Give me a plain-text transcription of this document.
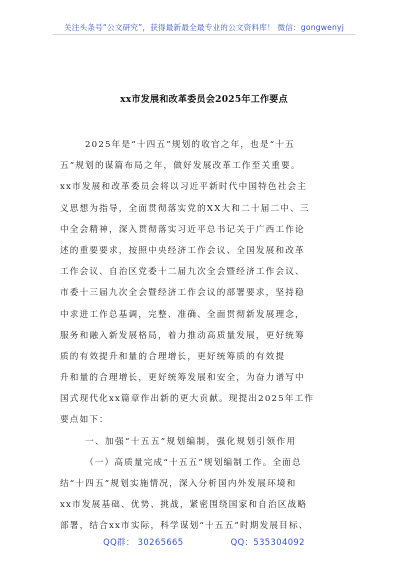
关注头条号“公文研究”，获得最新最全最专业的公文资料库！ 微信：gongwenyj
xx市发展和改革委员会2025年工作要点
2025年是“十四五”规划的收官之年，也是“十五
五”规划的谋篇布局之年，做好发展改革工作至关重要。
xx市发展和改革委员会将以习近平新时代中国特色社会主
义思想为指导，全面贯彻落实党的XX大和二十届二中、三
中全会精神，深入贯彻落实习近平总书记关于广西工作论
述的重要要求，按照中央经济工作会议、全国发展和改革
工作会议、自治区党委十二届九次全会暨经济工作会议、
市委十三届九次全会暨经济工作会议的部署要求，坚持稳
中求进工作总基调，完整、准确、全面贯彻新发展理念，
服务和融入新发展格局，着力推动高质量发展，更好统筹
质的有效提升和量的合理增长，更好统筹质的有效提
升和量的合理增长，更好统筹发展和安全，为奋力谱写中
国式现代化xx篇章作出新的更大贡献。现提出2025年工作
要点如下：
一、加强“十五五”规划编制，强化规划引领作用
（一）高质量完成“十五五”规划编制工作。全面总
结“十四五”规划实施情况，深入分析国内外发展环境和
xx市发展基础、优势、挑战，紧密围绕国家和自治区战略
部署，结合xx市实际，科学谋划“十五五”时期发展目标、
QQ群： 30265665	QQ：535304092
